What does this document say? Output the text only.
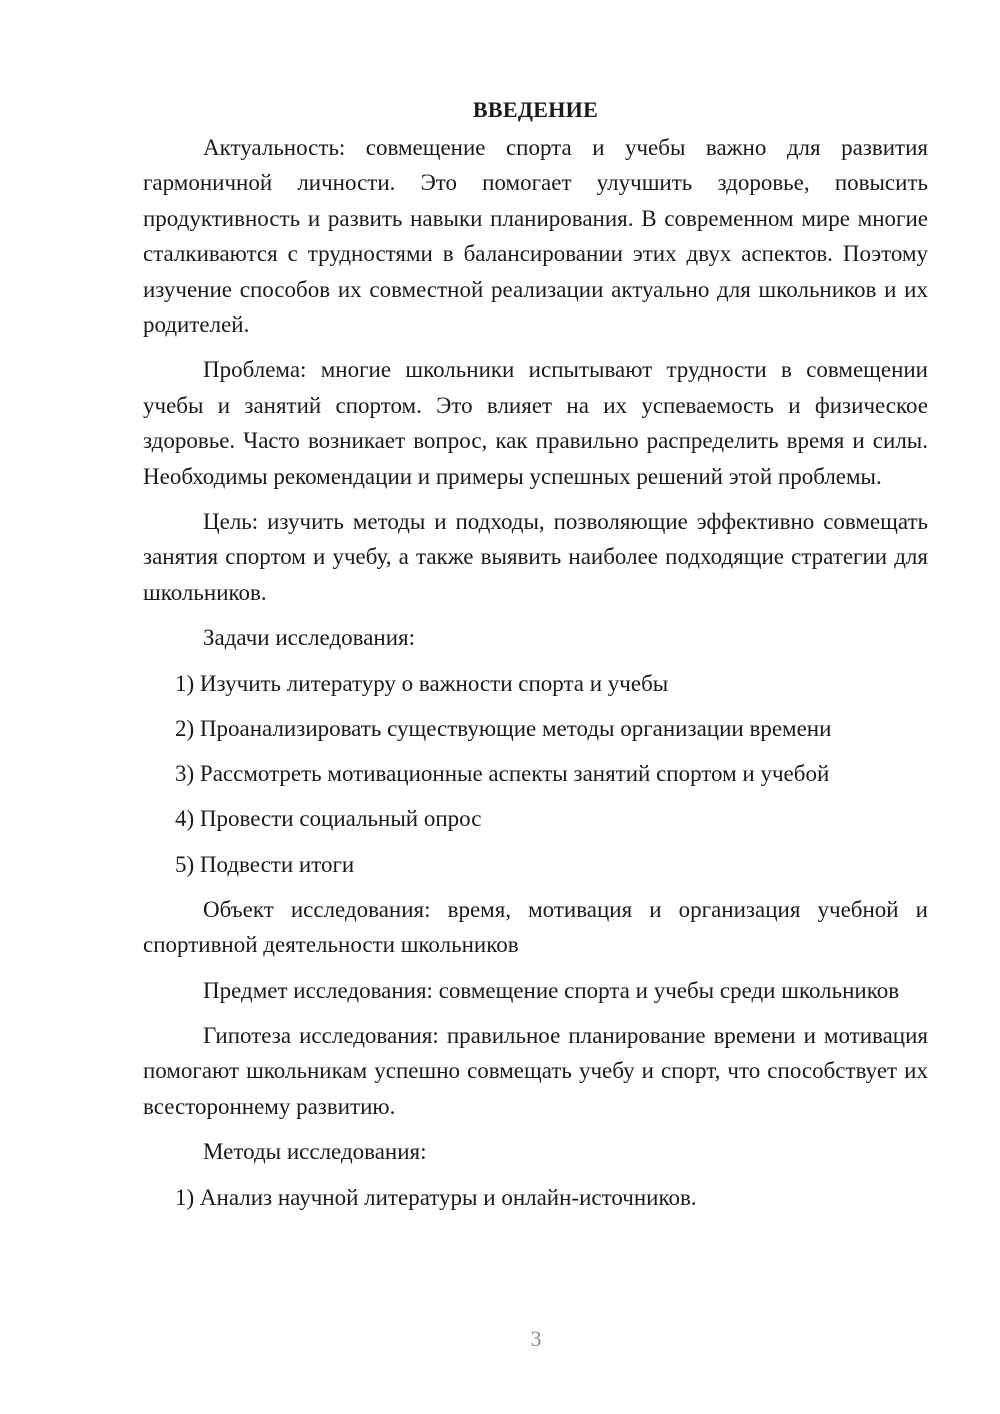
ВВЕДЕНИЕ
Актуальность: совмещение спорта и учебы важно для развития гармоничной личности. Это помогает улучшить здоровье, повысить продуктивность и развить навыки планирования. В современном мире многие сталкиваются с трудностями в балансировании этих двух аспектов. Поэтому изучение способов их совместной реализации актуально для школьников и их родителей.
Проблема: многие школьники испытывают трудности в совмещении учебы и занятий спортом. Это влияет на их успеваемость и физическое здоровье. Часто возникает вопрос, как правильно распределить время и силы. Необходимы рекомендации и примеры успешных решений этой проблемы.
Цель: изучить методы и подходы, позволяющие эффективно совмещать занятия спортом и учебу, а также выявить наиболее подходящие стратегии для школьников.
Задачи исследования:
1) Изучить литературу о важности спорта и учебы
2) Проанализировать существующие методы организации времени
3) Рассмотреть мотивационные аспекты занятий спортом и учебой
4) Провести социальный опрос
5) Подвести итоги
Объект исследования: время, мотивация и организация учебной и спортивной деятельности школьников
Предмет исследования: совмещение спорта и учебы среди школьников
Гипотеза исследования: правильное планирование времени и мотивация помогают школьникам успешно совмещать учебу и спорт, что способствует их всестороннему развитию.
Методы исследования:
1) Анализ научной литературы и онлайн-источников.
3
